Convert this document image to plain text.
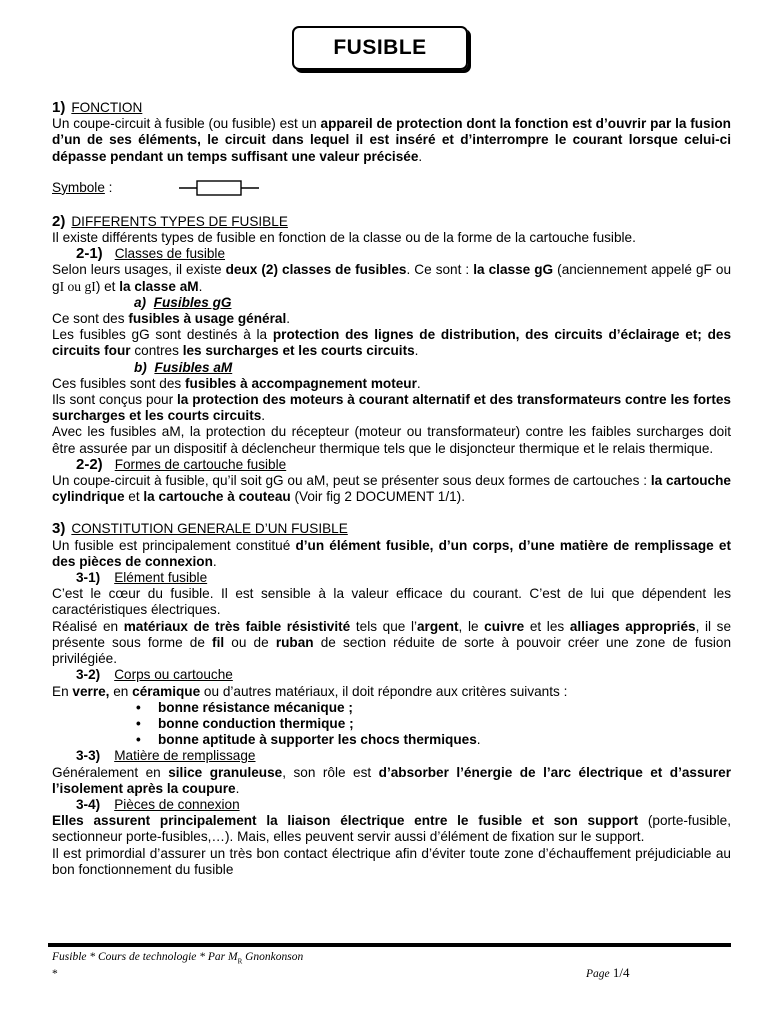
FUSIBLE

1) FONCTION

Un coupe-circuit à fusible (ou fusible) est un appareil de protection dont la fonction est d’ouvrir par la fusion d’un de ses éléments, le circuit dans lequel il est inséré et d’interrompre le courant lorsque celui-ci dépasse pendant un temps suffisant une valeur précisée.

Symbole :

2) DIFFERENTS TYPES DE FUSIBLE

Il existe différents types de fusible en fonction de la classe ou de la forme de la cartouche fusible.

2-1) Classes de fusible

Selon leurs usages, il existe deux (2) classes de fusibles. Ce sont : la classe gG (anciennement appelé gF ou gI ou gI) et la classe aM.

a) Fusibles gG

Ce sont des fusibles à usage général.

Les fusibles gG sont destinés à la protection des lignes de distribution, des circuits d’éclairage et; des circuits four contres les surcharges et les courts circuits.

b) Fusibles aM

Ces fusibles sont des fusibles à accompagnement moteur.

Ils sont conçus pour la protection des moteurs à courant alternatif et des transformateurs contre les fortes surcharges et les courts circuits.

Avec les fusibles aM, la protection du récepteur (moteur ou transformateur) contre les faibles surcharges doit être assurée par un dispositif à déclencheur thermique tels que le disjoncteur thermique et le relais thermique.

2-2) Formes de cartouche fusible

Un coupe-circuit à fusible, qu’il soit gG ou aM, peut se présenter sous deux formes de cartouches : la cartouche cylindrique et la cartouche à couteau (Voir fig 2 DOCUMENT 1/1).

3) CONSTITUTION GENERALE D’UN FUSIBLE

Un fusible est principalement constitué d’un élément fusible, d’un corps, d’une matière de remplissage et des pièces de connexion.

3-1) Elément fusible

C’est le cœur du fusible. Il est sensible à la valeur efficace du courant. C’est de lui que dépendent les caractéristiques électriques.

Réalisé en matériaux de très faible résistivité tels que l’argent, le cuivre et les alliages appropriés, il se présente sous forme de fil ou de ruban de section réduite de sorte à pouvoir créer une zone de fusion privilégiée.

3-2) Corps ou cartouche

En verre, en céramique ou d’autres matériaux, il doit répondre aux critères suivants :

• bonne résistance mécanique ;
• bonne conduction thermique ;
• bonne aptitude à supporter les chocs thermiques.

3-3) Matière de remplissage

Généralement en silice granuleuse, son rôle est d’absorber l’énergie de l’arc électrique et d’assurer l’isolement après la coupure.

3-4) Pièces de connexion

Elles assurent principalement la liaison électrique entre le fusible et son support (porte-fusible, sectionneur porte-fusibles,…). Mais, elles peuvent servir aussi d’élément de fixation sur le support.

Il est primordial d’assurer un très bon contact électrique afin d’éviter toute zone d’échauffement préjudiciable au bon fonctionnement du fusible

Fusible * Cours de technologie * Par $M_R$ Gnonkonson
*	Page 1/4
